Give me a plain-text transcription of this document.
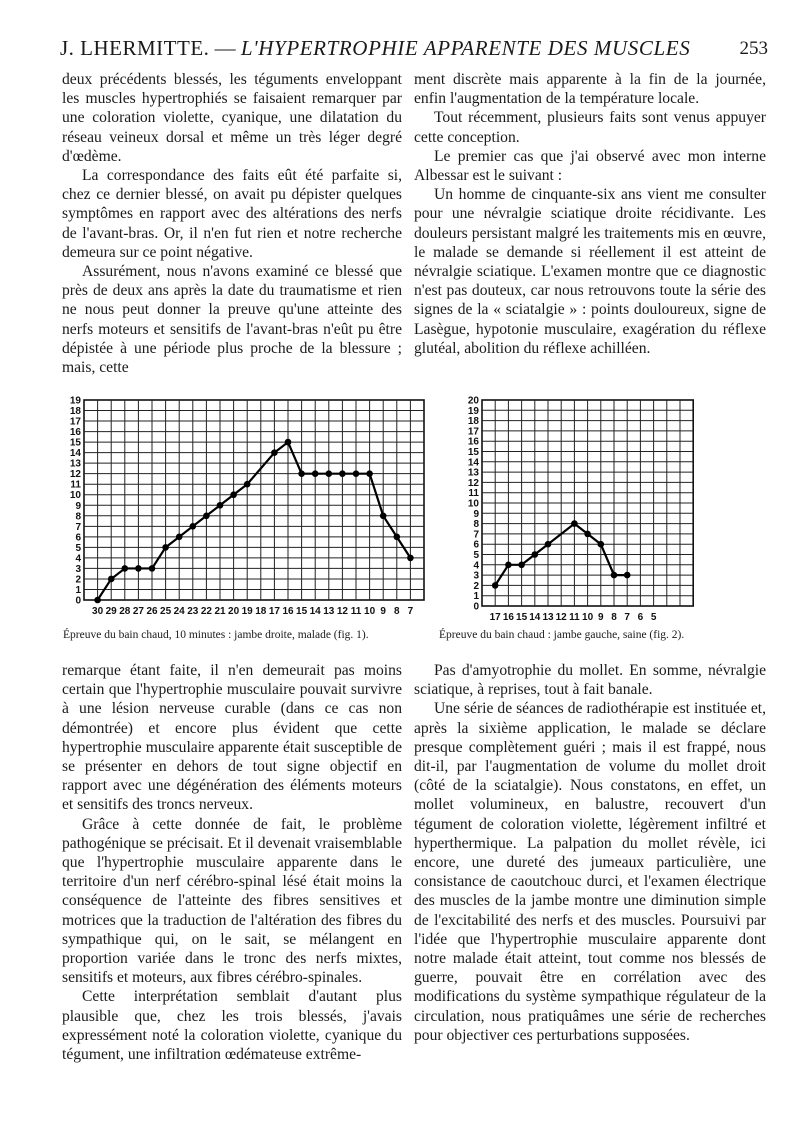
J. LHERMITTE. — L'HYPERTROPHIE APPARENTE DES MUSCLES	253

deux précédents blessés, les téguments enveloppant les muscles hypertrophiés se faisaient remarquer par une coloration violette, cyanique, une dilatation du réseau veineux dorsal et même un très léger degré d'œdème.

La correspondance des faits eût été parfaite si, chez ce dernier blessé, on avait pu dépister quelques symptômes en rapport avec des altérations des nerfs de l'avant-bras. Or, il n'en fut rien et notre recherche demeura sur ce point négative.

Assurément, nous n'avons examiné ce blessé que près de deux ans après la date du traumatisme et rien ne nous peut donner la preuve qu'une atteinte des nerfs moteurs et sensitifs de l'avant-bras n'eût pu être dépistée à une période plus proche de la blessure ; mais, cette

ment discrète mais apparente à la fin de la journée, enfin l'augmentation de la température locale.

Tout récemment, plusieurs faits sont venus appuyer cette conception.

Le premier cas que j'ai observé avec mon interne Albessar est le suivant :

Un homme de cinquante-six ans vient me consulter pour une névralgie sciatique droite récidivante. Les douleurs persistant malgré les traitements mis en œuvre, le malade se demande si réellement il est atteint de névralgie sciatique. L'examen montre que ce diagnostic n'est pas douteux, car nous retrouvons toute la série des signes de la « sciatalgie » : points douloureux, signe de Lasègue, hypotonie musculaire, exagération du réflexe glutéal, abolition du réflexe achilléen.

0
1
2
3
4
5
6
7
8
9
10
11
12
13
14
15
16
17
18
19
30 29 28 27 26 25 24 23 22 21 20 19 18 17 16 15 14 13 12 11 10 9 8 7	0
1
2
3
4
5
6
7
8
9
10
11
12
13
14
15
16
17
18
19
20
17 16 15 14 13 12 11 10 9 8 7 6 5
Épreuve du bain chaud, 10 minutes : jambe droite, malade (fig. 1).	Épreuve du bain chaud : jambe gauche, saine (fig. 2).

remarque étant faite, il n'en demeurait pas moins certain que l'hypertrophie musculaire pouvait survivre à une lésion nerveuse curable (dans ce cas non démontrée) et encore plus évident que cette hypertrophie musculaire apparente était susceptible de se présenter en dehors de tout signe objectif en rapport avec une dégénération des éléments moteurs et sensitifs des troncs nerveux.

Grâce à cette donnée de fait, le problème pathogénique se précisait. Et il devenait vraisemblable que l'hypertrophie musculaire apparente dans le territoire d'un nerf cérébro-spinal lésé était moins la conséquence de l'atteinte des fibres sensitives et motrices que la traduction de l'altération des fibres du sympathique qui, on le sait, se mélangent en proportion variée dans le tronc des nerfs mixtes, sensitifs et moteurs, aux fibres cérébro-spinales.

Cette interprétation semblait d'autant plus plausible que, chez les trois blessés, j'avais expressément noté la coloration violette, cyanique du tégument, une infiltration œdémateuse extrême-

Pas d'amyotrophie du mollet. En somme, névralgie sciatique, à reprises, tout à fait banale.

Une série de séances de radiothérapie est instituée et, après la sixième application, le malade se déclare presque complètement guéri ; mais il est frappé, nous dit-il, par l'augmentation de volume du mollet droit (côté de la sciatalgie). Nous constatons, en effet, un mollet volumineux, en balustre, recouvert d'un tégument de coloration violette, légèrement infiltré et hyperthermique. La palpation du mollet révèle, ici encore, une dureté des jumeaux particulière, une consistance de caoutchouc durci, et l'examen électrique des muscles de la jambe montre une diminution simple de l'excitabilité des nerfs et des muscles. Poursuivi par l'idée que l'hypertrophie musculaire apparente dont notre malade était atteint, tout comme nos blessés de guerre, pouvait être en corrélation avec des modifications du système sympathique régulateur de la circulation, nous pratiquâmes une série de recherches pour objectiver ces perturbations supposées.
